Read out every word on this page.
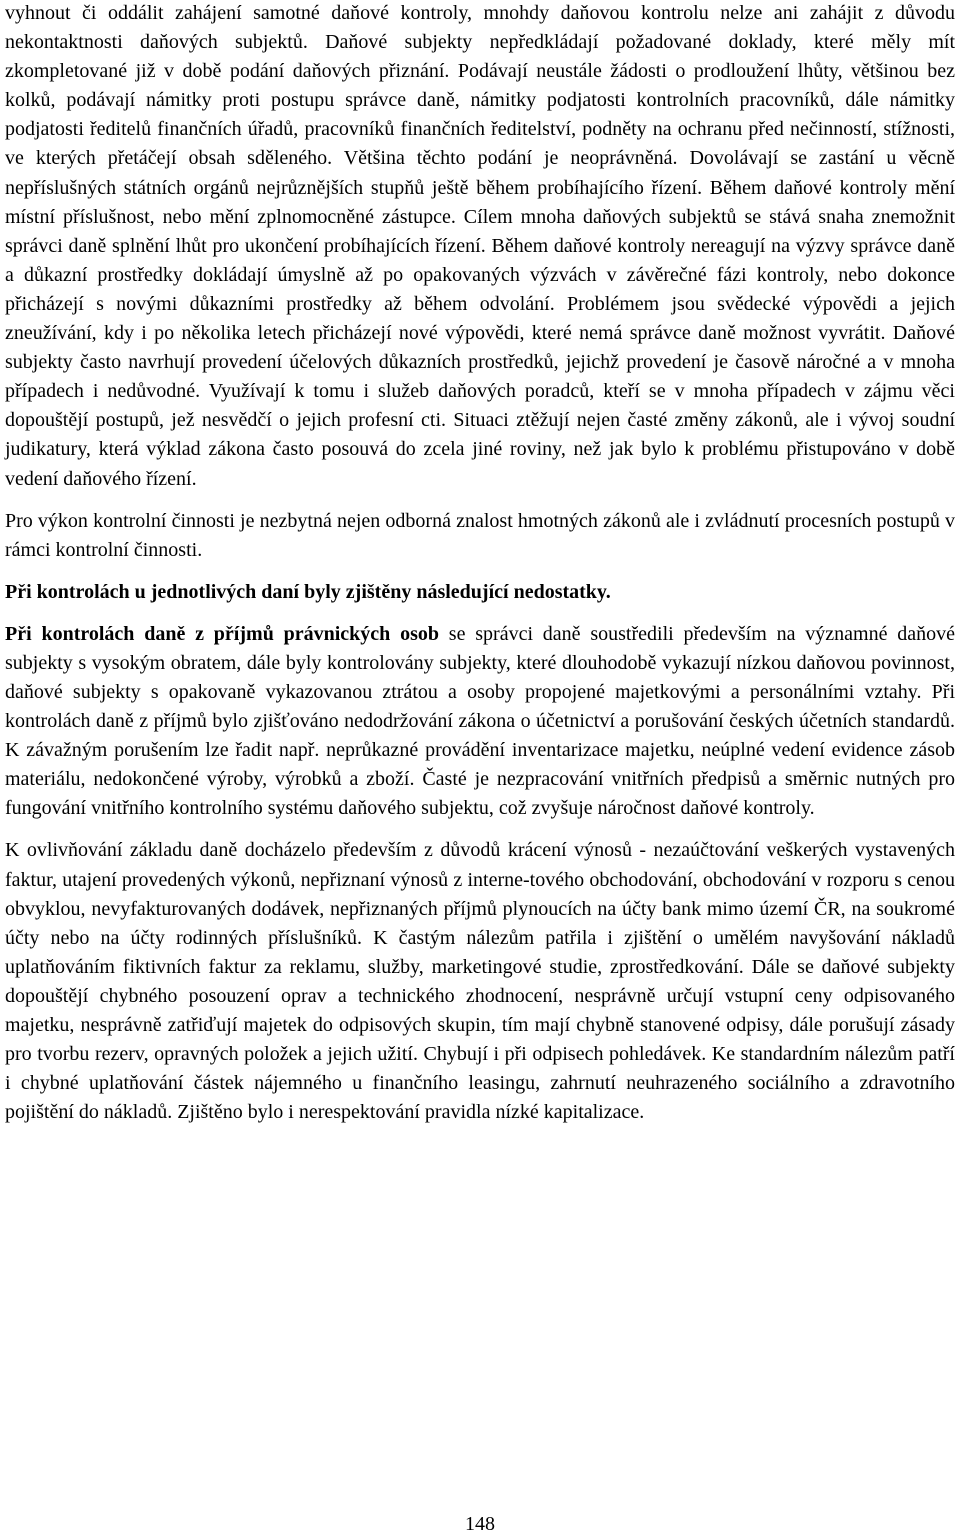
vyhnout či oddálit zahájení samotné daňové kontroly, mnohdy daňovou kontrolu nelze ani zahájit z důvodu nekontaktnosti daňových subjektů. Daňové subjekty nepředkládají požadované doklady, které měly mít zkompletované již v době podání daňových přiznání. Podávají neustále žádosti o prodloužení lhůty, většinou bez kolků, podávají námitky proti postupu správce daně, námitky podjatosti kontrolních pracovníků, dále námitky podjatosti ředitelů finančních úřadů, pracovníků finančních ředitelství, podněty na ochranu před nečinností, stížnosti, ve kterých přetáčejí obsah sděleného. Většina těchto podání je neoprávněná. Dovolávají se zastání u věcně nepříslušných státních orgánů nejrůznějších stupňů ještě během probíhajícího řízení. Během daňové kontroly mění místní příslušnost, nebo mění zplnomocněné zástupce. Cílem mnoha daňových subjektů se stává snaha znemožnit správci daně splnění lhůt pro ukončení probíhajících řízení. Během daňové kontroly nereagují na výzvy správce daně a důkazní prostředky dokládají úmyslně až po opakovaných výzvách v závěrečné fázi kontroly, nebo dokonce přicházejí s novými důkazními prostředky až během odvolání. Problémem jsou svědecké výpovědi a jejich zneužívání, kdy i po několika letech přicházejí nové výpovědi, které nemá správce daně možnost vyvrátit. Daňové subjekty často navrhují provedení účelových důkazních prostředků, jejichž provedení je časově náročné a v mnoha případech i nedůvodné. Využívají k tomu i služeb daňových poradců, kteří se v mnoha případech v zájmu věci dopouštějí postupů, jež nesvědčí o jejich profesní cti. Situaci ztěžují nejen časté změny zákonů, ale i vývoj soudní judikatury, která výklad zákona často posouvá do zcela jiné roviny, než jak bylo k problému přistupováno v době vedení daňového řízení.

Pro výkon kontrolní činnosti je nezbytná nejen odborná znalost hmotných zákonů ale i zvládnutí procesních postupů v rámci kontrolní činnosti.

Při kontrolách u jednotlivých daní byly zjištěny následující nedostatky.

Při kontrolách daně z příjmů právnických osob se správci daně soustředili především na významné daňové subjekty s vysokým obratem, dále byly kontrolovány subjekty, které dlouhodobě vykazují nízkou daňovou povinnost, daňové subjekty s opakovaně vykazovanou ztrátou a osoby propojené majetkovými a personálními vztahy. Při kontrolách daně z příjmů bylo zjišťováno nedodržování zákona o účetnictví a porušování českých účetních standardů. K závažným porušením lze řadit např. neprůkazné provádění inventarizace majetku, neúplné vedení evidence zásob materiálu, nedokončené výroby, výrobků a zboží. Časté je nezpracování vnitřních předpisů a směrnic nutných pro fungování vnitřního kontrolního systému daňového subjektu, což zvyšuje náročnost daňové kontroly.

K ovlivňování základu daně docházelo především z důvodů krácení výnosů - nezaúčtování veškerých vystavených faktur, utajení provedených výkonů, nepřiznaní výnosů z interne-tového obchodování, obchodování v rozporu s cenou obvyklou, nevyfakturovaných dodávek, nepřiznaných příjmů plynoucích na účty bank mimo území ČR, na soukromé účty nebo na účty rodinných příslušníků. K častým nálezům patřila i zjištění o umělém navyšování nákladů uplatňováním fiktivních faktur za reklamu, služby, marketingové studie, zprostředkování. Dále se daňové subjekty dopouštějí chybného posouzení oprav a technického zhodnocení, nesprávně určují vstupní ceny odpisovaného majetku, nesprávně zatřiďují majetek do odpisových skupin, tím mají chybně stanovené odpisy, dále porušují zásady pro tvorbu rezerv, opravných položek a jejich užití. Chybují i při odpisech pohledávek. Ke standardním nálezům patří i chybné uplatňování částek nájemného u finančního leasingu, zahrnutí neuhrazeného sociálního a zdravotního pojištění do nákladů. Zjištěno bylo i nerespektování pravidla nízké kapitalizace.

148
